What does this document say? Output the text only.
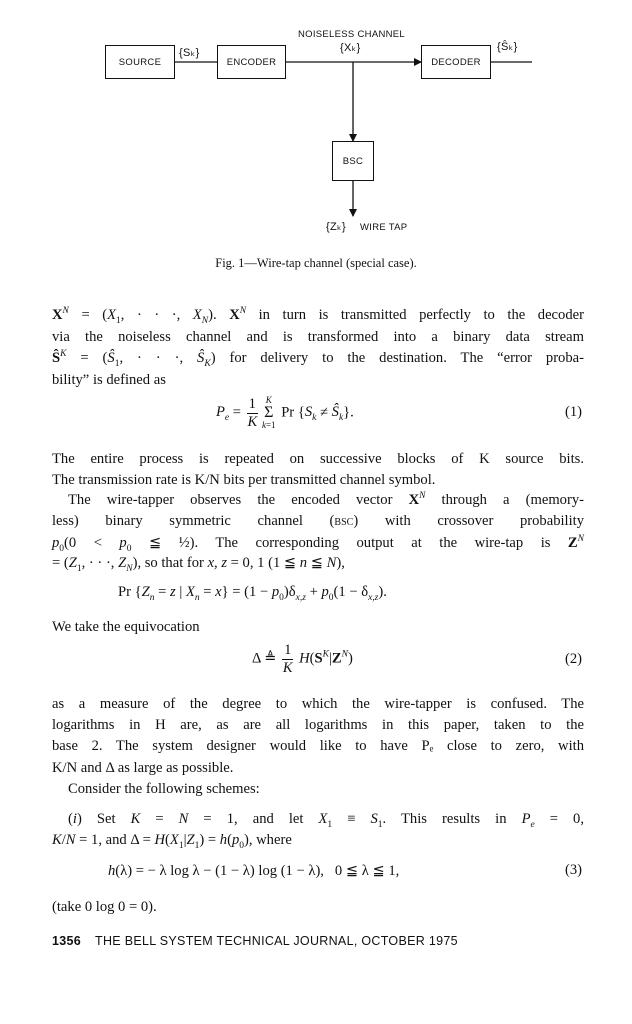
SOURCE	ENCODER	DECODER
BSC
NOISELESS CHANNEL
{Sₖ}	{Xₖ}	{Ŝₖ}
{Zₖ} WIRE TAP
Fig. 1—Wire-tap channel (special case).
$X^N = (X_1$, · · ·, $X_N$). $X^N$ in turn is transmitted perfectly to the decoder
via the noiseless channel and is transformed into a binary data stream
$Ŝ^K$ = ($Ŝ_1$, · · ·, $Ŝ_K$) for delivery to the destination. The “error proba-
bility” is defined as
$P_e = \frac{1}{K}$ K
Σ
k=1
Pr {$S_k$ ≠ $Ŝ_k$}.	(1)
The entire process is repeated on successive blocks of K source bits.
The transmission rate is K/N bits per transmitted channel symbol.
The wire-tapper observes the encoded vector $X^N$ through a (memory-
less) binary symmetric channel (bsc) with crossover probability
$p_0(0 < p_0$ ≦ ½). The corresponding output at the wire-tap is $Z^N$
= ($Z_1$, · · ·, $Z_N$), so that for x, z = 0, 1 (1 ≦ n ≦ N),
Pr {$Z_n = z$ | $X_n = x\} = (1 - p_0)\delta_{x,z} + p_0(1 - \delta_{x,z})$.
We take the equivocation
Δ ≜ $\frac{1}{K} H(S^K|Z^N)$	(2)
as a measure of the degree to which the wire-tapper is confused. The
logarithms in H are, as are all logarithms in this paper, taken to the
base 2. The system designer would like to have Pₑ close to zero, with
K/N and Δ as large as possible.
Consider the following schemes:
(i) Set K = N = 1, and let $X_1 \equiv S_1$. This results in $P_e = 0$,
K/N = 1, and $\Delta = H(X_1|Z_1) = h(p_0)$, where
h(λ) = − λ log λ − (1 − λ) log (1 − λ),   0 ≦ λ ≦ 1,	(3)
(take 0 log 0 = 0).
1356 THE BELL SYSTEM TECHNICAL JOURNAL, OCTOBER 1975
